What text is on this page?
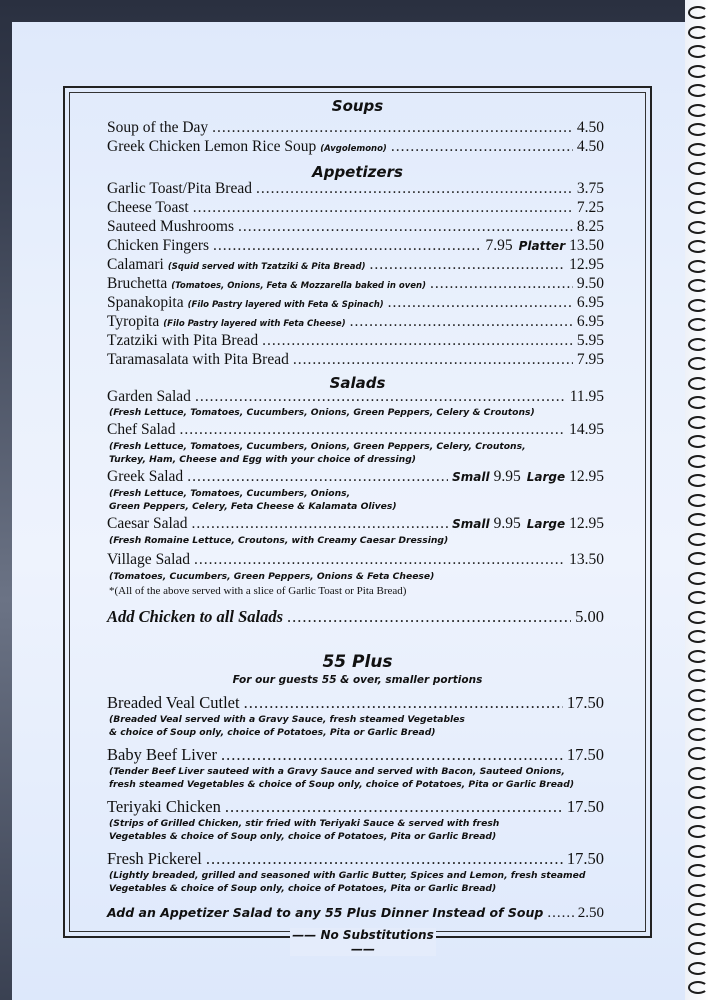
Soups
Soup of the Day .....	4.50
Greek Chicken Lemon Rice Soup (Avgolemono) .....	4.50
Appetizers
Garlic Toast/Pita Bread .....	3.75
Cheese Toast .....	7.25
Sauteed Mushrooms .....	8.25
Chicken Fingers .....	7.95 Platter 13.50
Calamari (Squid served with Tzatziki & Pita Bread) .....	12.95
Bruchetta (Tomatoes, Onions, Feta & Mozzarella baked in oven) .....	9.50
Spanakopita (Filo Pastry layered with Feta & Spinach) .....	6.95
Tyropita (Filo Pastry layered with Feta Cheese) .....	6.95
Tzatziki with Pita Bread .....	5.95
Taramasalata with Pita Bread .....	7.95
Salads
Garden Salad .....	11.95
(Fresh Lettuce, Tomatoes, Cucumbers, Onions, Green Peppers, Celery & Croutons)
Chef Salad .....	14.95
(Fresh Lettuce, Tomatoes, Cucumbers, Onions, Green Peppers, Celery, Croutons,
Turkey, Ham, Cheese and Egg with your choice of dressing)
Greek Salad .....	Small 9.95 Large 12.95
(Fresh Lettuce, Tomatoes, Cucumbers, Onions,
Green Peppers, Celery, Feta Cheese & Kalamata Olives)
Caesar Salad .....	Small 9.95 Large 12.95
(Fresh Romaine Lettuce, Croutons, with Creamy Caesar Dressing)
Village Salad .....	13.50
(Tomatoes, Cucumbers, Green Peppers, Onions & Feta Cheese)
*(All of the above served with a slice of Garlic Toast or Pita Bread)
Add Chicken to all Salads .....	5.00
55 Plus
For our guests 55 & over, smaller portions
Breaded Veal Cutlet .....	17.50
(Breaded Veal served with a Gravy Sauce, fresh steamed Vegetables
& choice of Soup only, choice of Potatoes, Pita or Garlic Bread)
Baby Beef Liver .....	17.50
(Tender Beef Liver sauteed with a Gravy Sauce and served with Bacon, Sauteed Onions,
fresh steamed Vegetables & choice of Soup only, choice of Potatoes, Pita or Garlic Bread)
Teriyaki Chicken .....	17.50
(Strips of Grilled Chicken, stir fried with Teriyaki Sauce & served with fresh
Vegetables & choice of Soup only, choice of Potatoes, Pita or Garlic Bread)
Fresh Pickerel .....	17.50
(Lightly breaded, grilled and seasoned with Garlic Butter, Spices and Lemon, fresh steamed
Vegetables & choice of Soup only, choice of Potatoes, Pita or Garlic Bread)
Add an Appetizer Salad to any 55 Plus Dinner Instead of Soup ..... 2.50
—— No Substitutions ——
